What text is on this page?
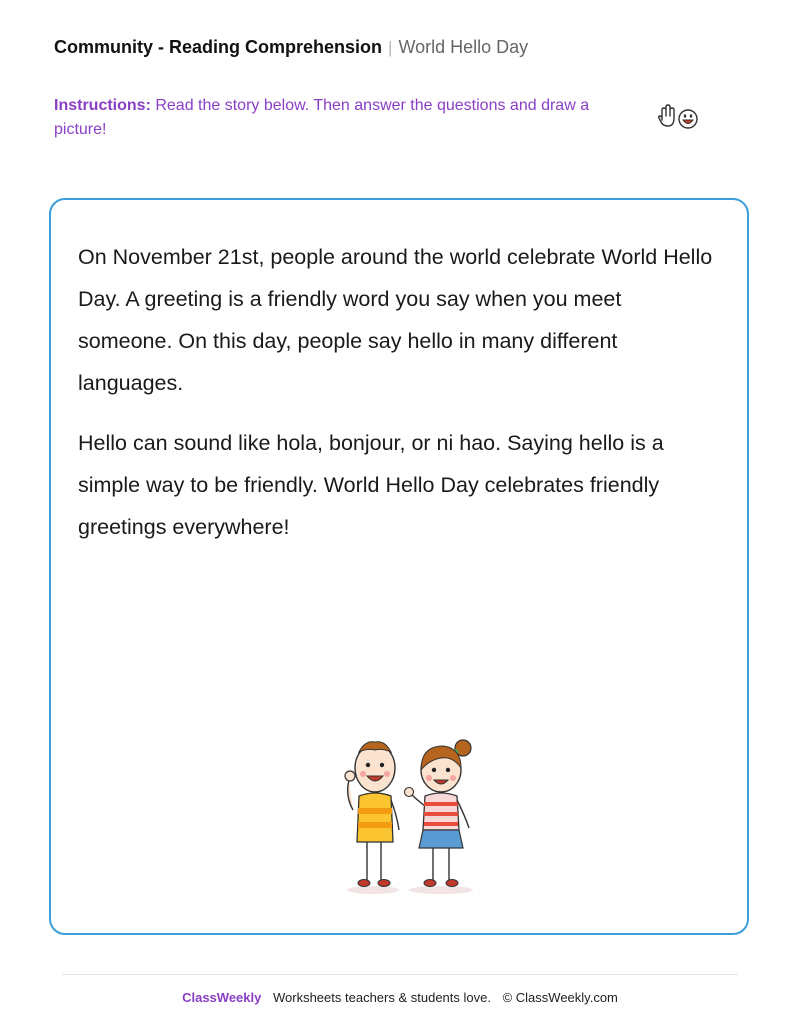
Community - Reading Comprehension | World Hello Day
Instructions: Read the story below. Then answer the questions and draw a picture!

On November 21st, people around the world celebrate World Hello Day. A greeting is a friendly word you say when you meet someone. On this day, people say hello in many different languages.

Hello can sound like hola, bonjour, or ni hao. Saying hello is a simple way to be friendly. World Hello Day celebrates friendly greetings everywhere!

ClassWeekly Worksheets teachers & students love. © ClassWeekly.com
